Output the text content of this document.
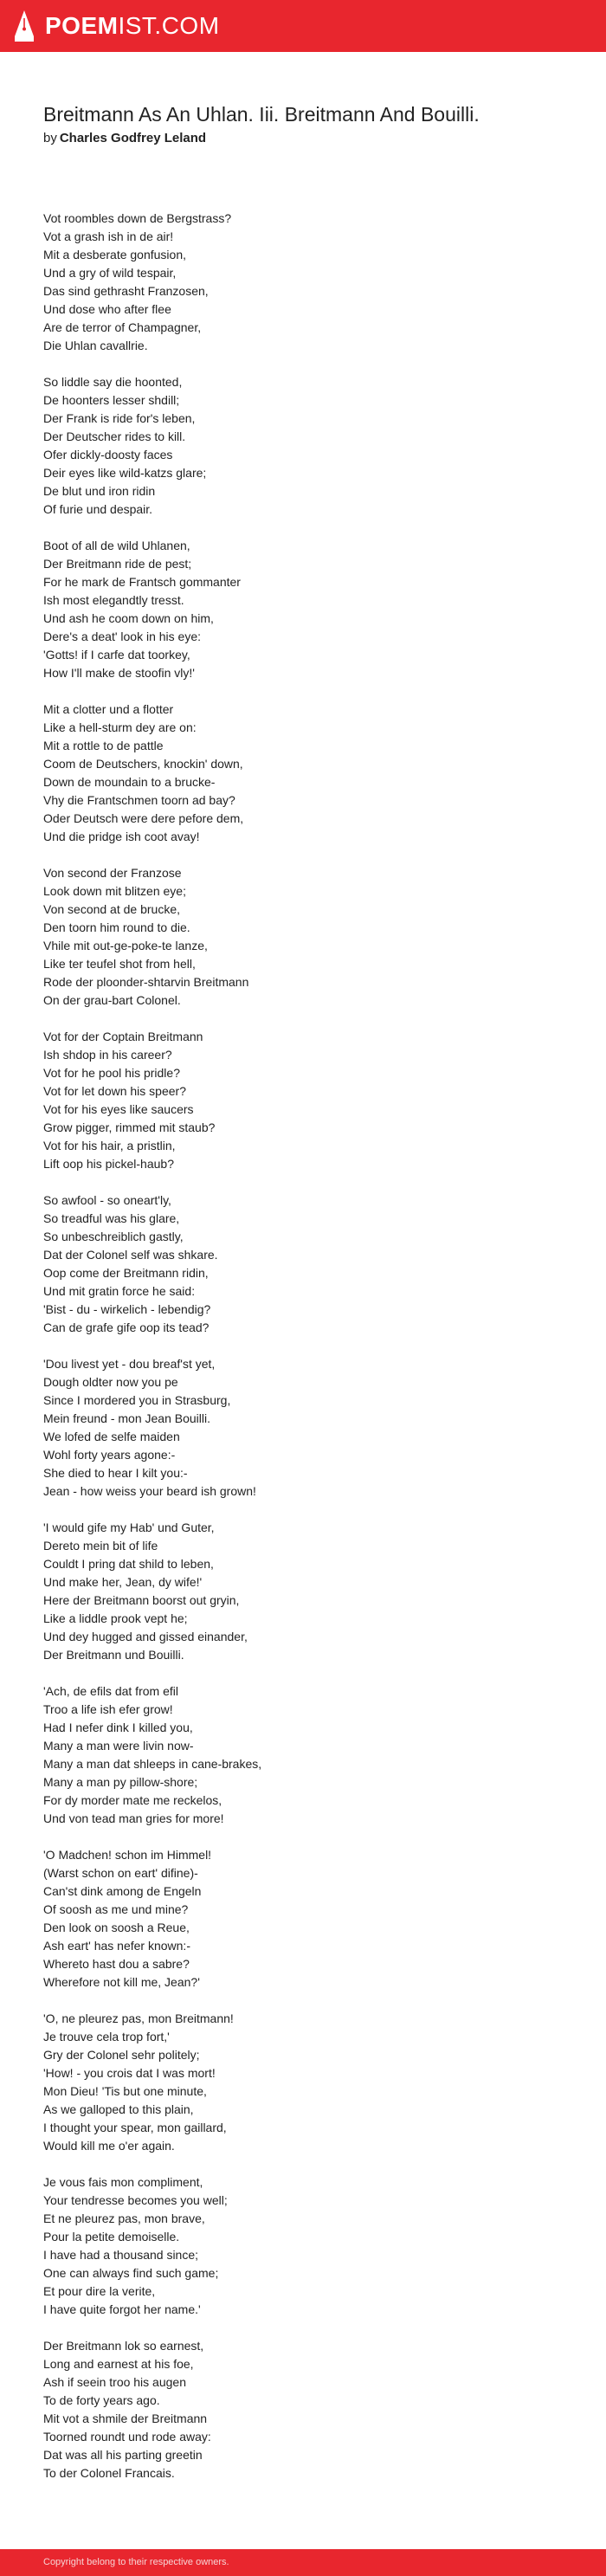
POEMIST.COM
Breitmann As An Uhlan. Iii. Breitmann And Bouilli.
by Charles Godfrey Leland
Vot roombles down de Bergstrass?
Vot a grash ish in de air!
Mit a desberate gonfusion,
Und a gry of wild tespair,
Das sind gethrasht Franzosen,
Und dose who after flee
Are de terror of Champagner,
Die Uhlan cavallrie.
So liddle say die hoonted,
De hoonters lesser shdill;
Der Frank is ride for's leben,
Der Deutscher rides to kill.
Ofer dickly-doosty faces
Deir eyes like wild-katzs glare;
De blut und iron ridin
Of furie und despair.
Boot of all de wild Uhlanen,
Der Breitmann ride de pest;
For he mark de Frantsch gommanter
Ish most elegandtly tresst.
Und ash he coom down on him,
Dere's a deat' look in his eye:
'Gotts! if I carfe dat toorkey,
How I'll make de stoofin vly!'
Mit a clotter und a flotter
Like a hell-sturm dey are on:
Mit a rottle to de pattle
Coom de Deutschers, knockin' down,
Down de moundain to a brucke-
Vhy die Frantschmen toorn ad bay?
Oder Deutsch were dere pefore dem,
Und die pridge ish coot avay!
Von second der Franzose
Look down mit blitzen eye;
Von second at de brucke,
Den toorn him round to die.
Vhile mit out-ge-poke-te lanze,
Like ter teufel shot from hell,
Rode der ploonder-shtarvin Breitmann
On der grau-bart Colonel.
Vot for der Coptain Breitmann
Ish shdop in his career?
Vot for he pool his pridle?
Vot for let down his speer?
Vot for his eyes like saucers
Grow pigger, rimmed mit staub?
Vot for his hair, a pristlin,
Lift oop his pickel-haub?
So awfool - so oneart'ly,
So treadful was his glare,
So unbeschreiblich gastly,
Dat der Colonel self was shkare.
Oop come der Breitmann ridin,
Und mit gratin force he said:
'Bist - du - wirkelich - lebendig?
Can de grafe gife oop its tead?
'Dou livest yet - dou breaf'st yet,
Dough oldter now you pe
Since I mordered you in Strasburg,
Mein freund - mon Jean Bouilli.
We lofed de selfe maiden
Wohl forty years agone:-
She died to hear I kilt you:-
Jean - how weiss your beard ish grown!
'I would gife my Hab' und Guter,
Dereto mein bit of life
Couldt I pring dat shild to leben,
Und make her, Jean, dy wife!'
Here der Breitmann boorst out gryin,
Like a liddle prook vept he;
Und dey hugged and gissed einander,
Der Breitmann und Bouilli.
'Ach, de efils dat from efil
Troo a life ish efer grow!
Had I nefer dink I killed you,
Many a man were livin now-
Many a man dat shleeps in cane-brakes,
Many a man py pillow-shore;
For dy morder mate me reckelos,
Und von tead man gries for more!
'O Madchen! schon im Himmel!
(Warst schon on eart' difine)-
Can'st dink among de Engeln
Of soosh as me und mine?
Den look on soosh a Reue,
Ash eart' has nefer known:-
Whereto hast dou a sabre?
Wherefore not kill me, Jean?'
'O, ne pleurez pas, mon Breitmann!
Je trouve cela trop fort,'
Gry der Colonel sehr politely;
'How! - you crois dat I was mort!
Mon Dieu! 'Tis but one minute,
As we galloped to this plain,
I thought your spear, mon gaillard,
Would kill me o'er again.
Je vous fais mon compliment,
Your tendresse becomes you well;
Et ne pleurez pas, mon brave,
Pour la petite demoiselle.
I have had a thousand since;
One can always find such game;
Et pour dire la verite,
I have quite forgot her name.'
Der Breitmann lok so earnest,
Long and earnest at his foe,
Ash if seein troo his augen
To de forty years ago.
Mit vot a shmile der Breitmann
Toorned roundt und rode away:
Dat was all his parting greetin
To der Colonel Francais.
Copyright belong to their respective owners.
